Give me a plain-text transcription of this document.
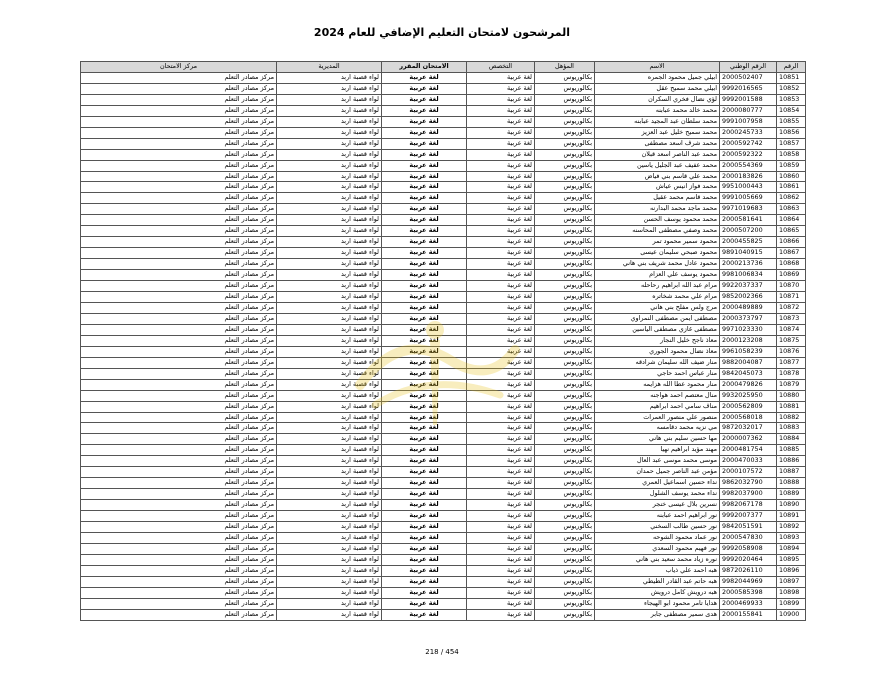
المرشحون لامتحان التعليم الإضافي للعام 2024
الرقم	الرقم الوطني	الاسم	المؤهل	التخصص	الامتحان المقرر	المديرية	مركز الامتحان
10851	2000502407	ابيلي جميل محمود الجمره	بكالوريوس	لغة عربية	لغة عربية	لواء قصبة اربد	مركز مصادر التعلم
10852	9992016565	ابيلي محمد سميح عقل	بكالوريوس	لغة عربية	لغة عربية	لواء قصبة اربد	مركز مصادر التعلم
10853	9992001588	لؤي نضال فخري السكران	بكالوريوس	لغة عربية	لغة عربية	لواء قصبة اربد	مركز مصادر التعلم
10854	2000080777	محمد خالد محمد عبابنه	بكالوريوس	لغة عربية	لغة عربية	لواء قصبة اربد	مركز مصادر التعلم
10855	9991007958	محمد سلطان عبد المجيد عبابنه	بكالوريوس	لغة عربية	لغة عربية	لواء قصبة اربد	مركز مصادر التعلم
10856	2000245733	محمد سميح خليل عبد العزيز	بكالوريوس	لغة عربية	لغة عربية	لواء قصبة اربد	مركز مصادر التعلم
10857	2000592742	محمد شرف اسعد مصطفى	بكالوريوس	لغة عربية	لغة عربية	لواء قصبة اربد	مركز مصادر التعلم
10858	2000592322	محمد عبد الناصر اسعد قبلان	بكالوريوس	لغة عربية	لغة عربية	لواء قصبة اربد	مركز مصادر التعلم
10859	2000554369	محمد عفيف عبد الجليل ياسين	بكالوريوس	لغة عربية	لغة عربية	لواء قصبة اربد	مركز مصادر التعلم
10860	2000183826	محمد علي قاسم بني فياض	بكالوريوس	لغة عربية	لغة عربية	لواء قصبة اربد	مركز مصادر التعلم
10861	9951000443	محمد فواز انيس عياش	بكالوريوس	لغة عربية	لغة عربية	لواء قصبة اربد	مركز مصادر التعلم
10862	9991005669	محمد قاسم محمد عقيل	بكالوريوس	لغة عربية	لغة عربية	لواء قصبة اربد	مركز مصادر التعلم
10863	9971019683	محمد ماجد محمد البدارنه	بكالوريوس	لغة عربية	لغة عربية	لواء قصبة اربد	مركز مصادر التعلم
10864	2000581641	محمد محمود يوسف الحسن	بكالوريوس	لغة عربية	لغة عربية	لواء قصبة اربد	مركز مصادر التعلم
10865	2000507200	محمد وصفي مصطفى المحاسنه	بكالوريوس	لغة عربية	لغة عربية	لواء قصبة اربد	مركز مصادر التعلم
10866	2000455825	محمود سمير محمود تمر	بكالوريوس	لغة عربية	لغة عربية	لواء قصبة اربد	مركز مصادر التعلم
10867	9891040915	محمود صبحي سليمان عيسى	بكالوريوس	لغة عربية	لغة عربية	لواء قصبة اربد	مركز مصادر التعلم
10868	2000213736	محمود عادل محمد شريف بني هاني	بكالوريوس	لغة عربية	لغة عربية	لواء قصبة اربد	مركز مصادر التعلم
10869	9981006834	محمود يوسف علي العزام	بكالوريوس	لغة عربية	لغة عربية	لواء قصبة اربد	مركز مصادر التعلم
10870	9922037337	مرام عبد الله ابراهيم رحاحله	بكالوريوس	لغة عربية	لغة عربية	لواء قصبة اربد	مركز مصادر التعلم
10871	9852002366	مرام علي محمد شخاتره	بكالوريوس	لغة عربية	لغة عربية	لواء قصبة اربد	مركز مصادر التعلم
10872	2000489889	مرج ولس مفلح بني هاني	بكالوريوس	لغة عربية	لغة عربية	لواء قصبة اربد	مركز مصادر التعلم
10873	2000373797	مصطفى ايمن مصطفى النمراوي	بكالوريوس	لغة عربية	لغة عربية	لواء قصبة اربد	مركز مصادر التعلم
10874	9971023330	مصطفى غازي مصطفى الياسين	بكالوريوس	لغة عربية	لغة عربية	لواء قصبة اربد	مركز مصادر التعلم
10875	2000123208	معاذ ناجح خليل النجار	بكالوريوس	لغة عربية	لغة عربية	لواء قصبة اربد	مركز مصادر التعلم
10876	9961058239	معاذ نضال محمود الجوري	بكالوريوس	لغة عربية	لغة عربية	لواء قصبة اربد	مركز مصادر التعلم
10877	9882004087	منار ضيف الله سليمان شرادقه	بكالوريوس	لغة عربية	لغة عربية	لواء قصبة اربد	مركز مصادر التعلم
10878	9842045073	منار عباس احمد حاجي	بكالوريوس	لغة عربية	لغة عربية	لواء قصبة اربد	مركز مصادر التعلم
10879	2000479826	منار محمود عطا الله هزايمه	بكالوريوس	لغة عربية	لغة عربية	لواء قصبة اربد	مركز مصادر التعلم
10880	9932025950	منال معتصم احمد هواجنه	بكالوريوس	لغة عربية	لغة عربية	لواء قصبة اربد	مركز مصادر التعلم
10881	2000562809	مناف سامي احمد ابراهيم	بكالوريوس	لغة عربية	لغة عربية	لواء قصبة اربد	مركز مصادر التعلم
10882	2000568018	منصور علي منصور العمرات	بكالوريوس	لغة عربية	لغة عربية	لواء قصبة اربد	مركز مصادر التعلم
10883	9872032017	مي نزيه محمد دقامسه	بكالوريوس	لغة عربية	لغة عربية	لواء قصبة اربد	مركز مصادر التعلم
10884	2000007362	مها حسين سليم بني هاني	بكالوريوس	لغة عربية	لغة عربية	لواء قصبة اربد	مركز مصادر التعلم
10885	2000481754	مهند مؤيد ابراهيم نهيا	بكالوريوس	لغة عربية	لغة عربية	لواء قصبة اربد	مركز مصادر التعلم
10886	2000470033	موسى محمد موسى عبد العال	بكالوريوس	لغة عربية	لغة عربية	لواء قصبة اربد	مركز مصادر التعلم
10887	2000107572	مؤمن عبد الناصر جميل حمدان	بكالوريوس	لغة عربية	لغة عربية	لواء قصبة اربد	مركز مصادر التعلم
10888	9862032790	نداء حسين اسماعيل العمري	بكالوريوس	لغة عربية	لغة عربية	لواء قصبة اربد	مركز مصادر التعلم
10889	9982037900	نداء محمد يوسف الشلول	بكالوريوس	لغة عربية	لغة عربية	لواء قصبة اربد	مركز مصادر التعلم
10890	9982067178	نسرين بلال عيسى خنجر	بكالوريوس	لغة عربية	لغة عربية	لواء قصبة اربد	مركز مصادر التعلم
10891	9992007377	نور ابراهيم احمد عبابنه	بكالوريوس	لغة عربية	لغة عربية	لواء قصبة اربد	مركز مصادر التعلم
10892	9842051591	نور حسين طالب السخني	بكالوريوس	لغة عربية	لغة عربية	لواء قصبة اربد	مركز مصادر التعلم
10893	2000547830	نور عماد محمود الشوحه	بكالوريوس	لغة عربية	لغة عربية	لواء قصبة اربد	مركز مصادر التعلم
10894	9992058908	نور فهيم محمود السعدي	بكالوريوس	لغة عربية	لغة عربية	لواء قصبة اربد	مركز مصادر التعلم
10895	9992020464	نوره زياد محمد سعيد بني هاني	بكالوريوس	لغة عربية	لغة عربية	لواء قصبة اربد	مركز مصادر التعلم
10896	9872026110	هبه احمد علي ذياب	بكالوريوس	لغة عربية	لغة عربية	لواء قصبة اربد	مركز مصادر التعلم
10897	9982044969	هبه حاتم عبد القادر الطيطي	بكالوريوس	لغة عربية	لغة عربية	لواء قصبة اربد	مركز مصادر التعلم
10898	2000585398	هبه درويش كامل درويش	بكالوريوس	لغة عربية	لغة عربية	لواء قصبة اربد	مركز مصادر التعلم
10899	2000469933	هدايا تامر محمود ابو الهيجاء	بكالوريوس	لغة عربية	لغة عربية	لواء قصبة اربد	مركز مصادر التعلم
10900	2000155841	هدى سمير مصطفى جابر	بكالوريوس	لغة عربية	لغة عربية	لواء قصبة اربد	مركز مصادر التعلم
218 / 454
